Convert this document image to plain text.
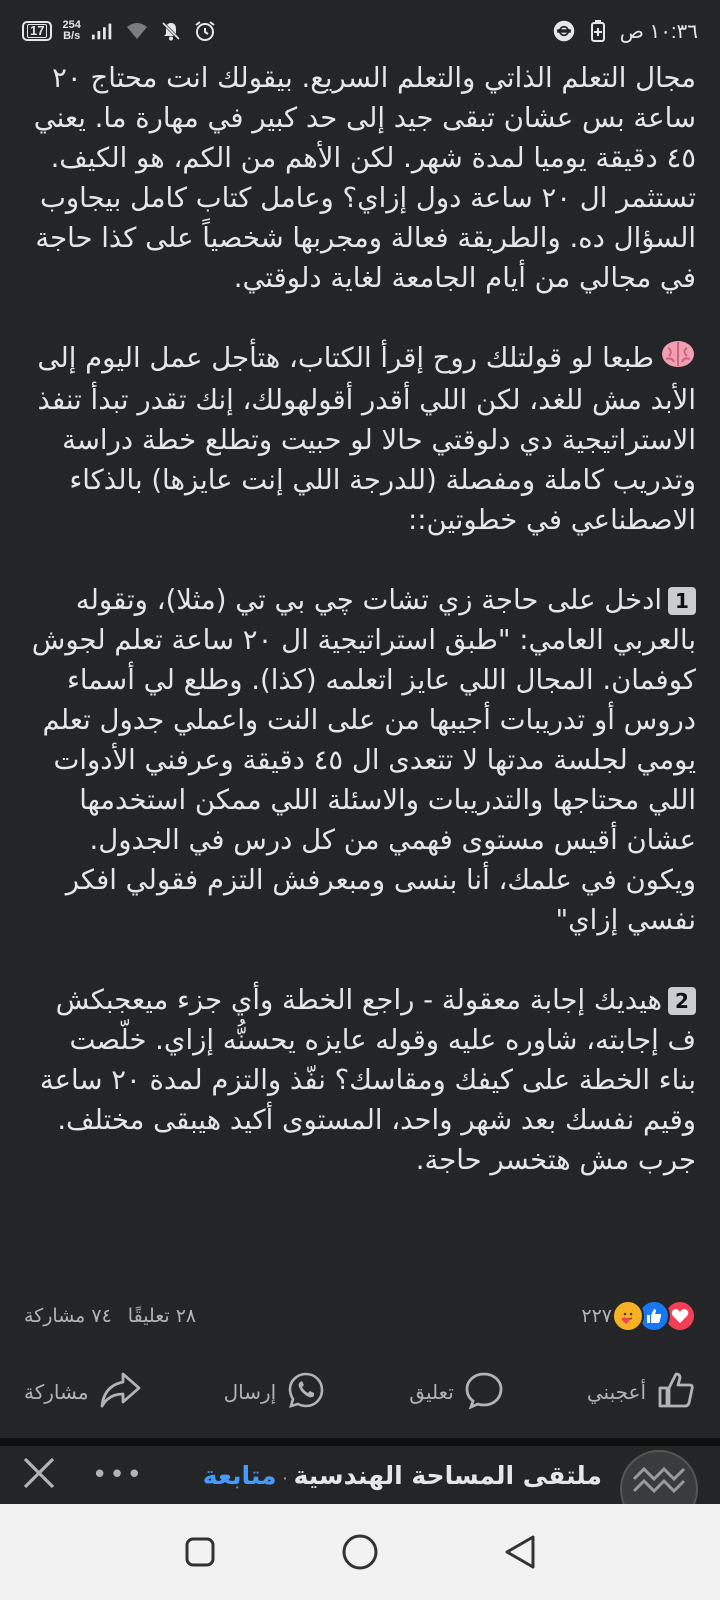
17 254
B/s	١٠:٣٦ ص

مجال التعلم الذاتي والتعلم السريع. بيقولك انت محتاج ٢٠ ساعة بس عشان تبقى جيد إلى حد كبير في مهارة ما. يعني ٤٥ دقيقة يوميا لمدة شهر. لكن الأهم من الكم، هو الكيف. تستثمر ال ٢٠ ساعة دول إزاي؟ وعامل كتاب كامل بيجاوب السؤال ده. والطريقة فعالة ومجربها شخصياً على كذا حاجة في مجالي من أيام الجامعة لغاية دلوقتي.

طبعا لو قولتلك روح إقرأ الكتاب، هتأجل عمل اليوم إلى الأبد مش للغد، لكن اللي أقدر أقولهولك، إنك تقدر تبدأ تنفذ الاستراتيجية دي دلوقتي حالا لو حبيت وتطلع خطة دراسة وتدريب كاملة ومفصلة (للدرجة اللي إنت عايزها) بالذكاء الاصطناعي في خطوتين::

1ادخل على حاجة زي تشات چي بي تي (مثلا)، وتقوله بالعربي العامي: "طبق استراتيجية ال ٢٠ ساعة تعلم لجوش كوفمان. المجال اللي عايز اتعلمه (كذا). وطلع لي أسماء دروس أو تدريبات أجيبها من على النت واعملي جدول تعلم يومي لجلسة مدتها لا تتعدى ال ٤٥ دقيقة وعرفني الأدوات اللي محتاجها والتدريبات والاسئلة اللي ممكن استخدمها عشان أقيس مستوى فهمي من كل درس في الجدول. ويكون في علمك، أنا بنسى ومبعرفش التزم فقولي افكر نفسي إزاي"

2هيديك إجابة معقولة - راجع الخطة وأي جزء ميعجبكش ف إجابته، شاوره عليه وقوله عايزه يحسنُّه إزاي. خلّصت بناء الخطة على كيفك ومقاسك؟ نفّذ والتزم لمدة ٢٠ ساعة وقيم نفسك بعد شهر واحد، المستوى أكيد هيبقى مختلف. جرب مش هتخسر حاجة.

٢٢٧
٢٨ تعليقًا
٧٤ مشاركة
أعجبني
تعليق
إرسال
مشاركة
ملتقى المساحة الهندسية·متابعة
•••
